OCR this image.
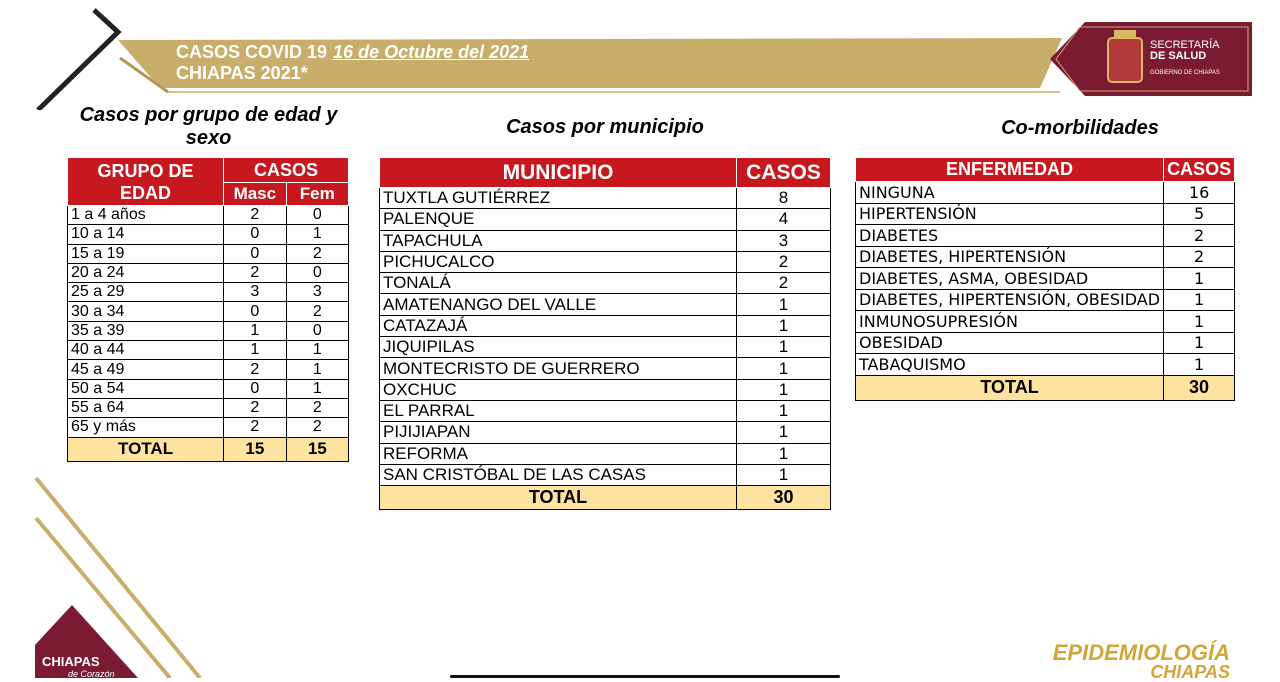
CASOS COVID 19 16 de Octubre del 2021
CHIAPAS 2021*
SECRETARÍA
DE SALUD
GOBIERNO DE CHIAPAS
Casos por grupo de edad y
sexo	Casos por municipio	Co-morbilidades
GRUPO DE
EDAD	CASOS	
	Masc	Fem
1 a 4 años	2	0
10 a 14	0	1
15 a 19	0	2
20 a 24	2	0
25 a 29	3	3
30 a 34	0	2
35 a 39	1	0
40 a 44	1	1
45 a 49	2	1
50 a 54	0	1
55 a 64	2	2
65 y más	2	2
TOTAL	15	15
MUNICIPIO	CASOS
TUXTLA GUTIÉRREZ	8
PALENQUE	4
TAPACHULA	3
PICHUCALCO	2
TONALÁ	2
AMATENANGO DEL VALLE	1
CATAZAJÁ	1
JIQUIPILAS	1
MONTECRISTO DE GUERRERO	1
OXCHUC	1
EL PARRAL	1
PIJIJIAPAN	1
REFORMA	1
SAN CRISTÓBAL DE LAS CASAS	1
TOTAL	30
ENFERMEDAD	CASOS
NINGUNA	16
HIPERTENSIÓN	5
DIABETES	2
DIABETES, HIPERTENSIÓN	2
DIABETES, ASMA, OBESIDAD	1
DIABETES, HIPERTENSIÓN, OBESIDAD	1
INMUNOSUPRESIÓN	1
OBESIDAD	1
TABAQUISMO	1
TOTAL	30
CHIAPAS
de Corazón
EPIDEMIOLOGÍA
CHIAPAS
